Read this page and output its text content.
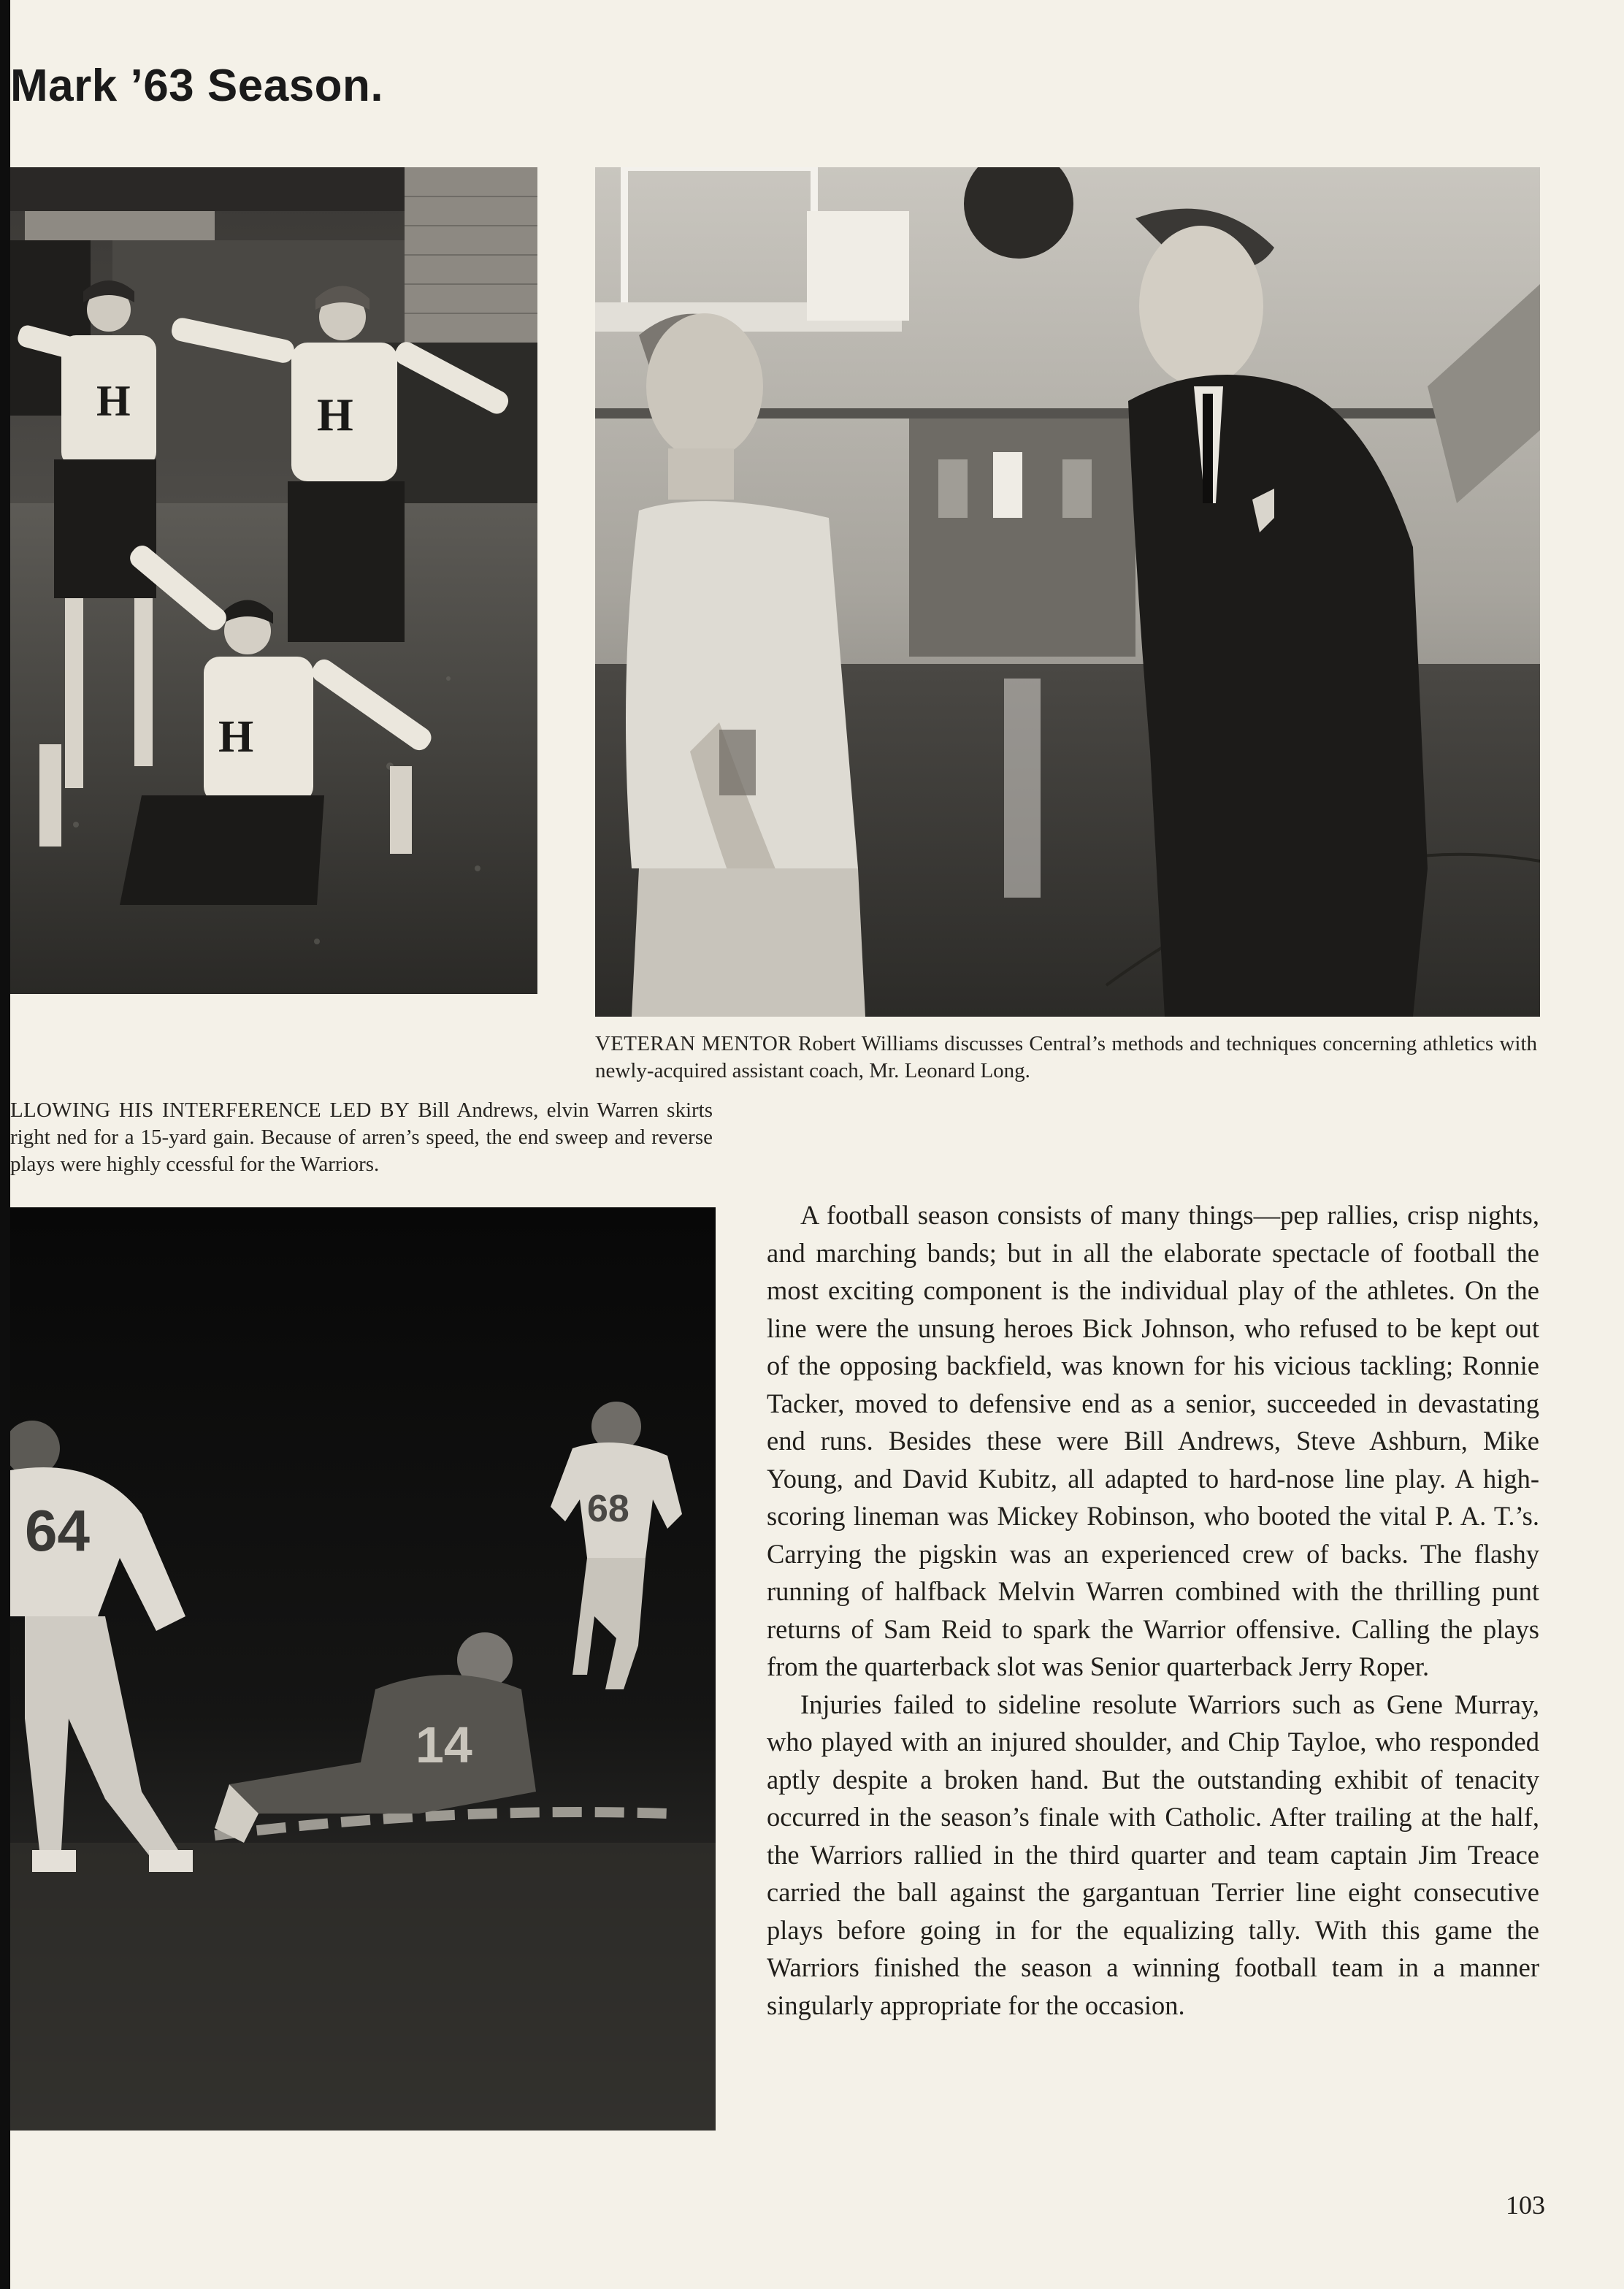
Mark ’63 Season.
H	H
H

VETERAN MENTOR Robert Williams discusses Central’s methods and techniques concerning athletics with newly-acquired assistant coach, Mr. Leonard Long.

LLOWING HIS INTERFERENCE LED BY Bill Andrews, elvin Warren skirts right ned for a 15-yard gain. Because of arren’s speed, the end sweep and reverse plays were highly ccessful for the Warriors.

64
14
68

A football season consists of many things—pep rallies, crisp nights, and marching bands; but in all the elaborate spectacle of football the most exciting component is the individual play of the athletes. On the line were the unsung heroes Bick Johnson, who refused to be kept out of the opposing backfield, was known for his vicious tackling; Ronnie Tacker, moved to defensive end as a senior, succeeded in devastating end runs. Besides these were Bill Andrews, Steve Ashburn, Mike Young, and David Kubitz, all adapted to hard-nose line play. A high-scoring lineman was Mickey Robinson, who booted the vital P. A. T.’s. Carrying the pigskin was an experienced crew of backs. The flashy running of halfback Melvin Warren combined with the thrilling punt returns of Sam Reid to spark the Warrior offensive. Calling the plays from the quarterback slot was Senior quarterback Jerry Roper.

Injuries failed to sideline resolute Warriors such as Gene Murray, who played with an injured shoulder, and Chip Tayloe, who responded aptly despite a broken hand. But the outstanding exhibit of tenacity occurred in the season’s finale with Catholic. After trailing at the half, the Warriors rallied in the third quarter and team captain Jim Treace carried the ball against the gargantuan Terrier line eight consecutive plays before going in for the equalizing tally. With this game the Warriors finished the season a winning football team in a manner singularly appropriate for the occasion.

103
